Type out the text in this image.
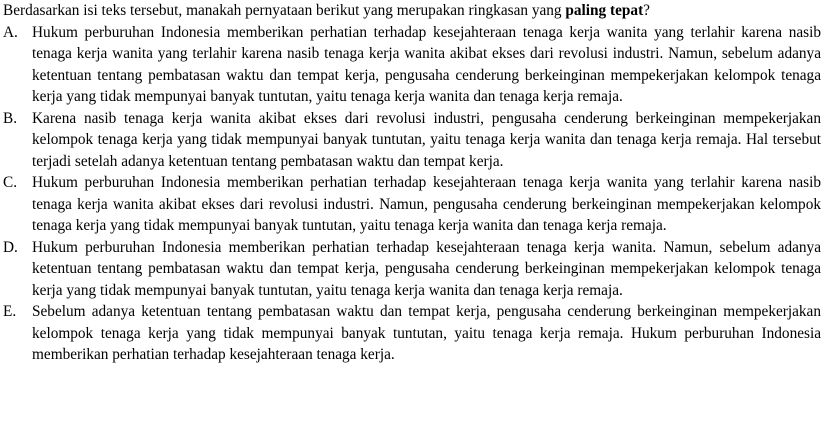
Berdasarkan isi teks tersebut, manakah pernyataan berikut yang merupakan ringkasan yang paling tepat?
A. Hukum perburuhan Indonesia memberikan perhatian terhadap kesejahteraan tenaga kerja wanita yang terlahir karena nasib tenaga kerja wanita yang terlahir karena nasib tenaga kerja wanita akibat ekses dari revolusi industri. Namun, sebelum adanya ketentuan tentang pembatasan waktu dan tempat kerja, pengusaha cenderung berkeinginan mempekerjakan kelompok tenaga kerja yang tidak mempunyai banyak tuntutan, yaitu tenaga kerja wanita dan tenaga kerja remaja.
B. Karena nasib tenaga kerja wanita akibat ekses dari revolusi industri, pengusaha cenderung berkeinginan mempekerjakan kelompok tenaga kerja yang tidak mempunyai banyak tuntutan, yaitu tenaga kerja wanita dan tenaga kerja remaja. Hal tersebut terjadi setelah adanya ketentuan tentang pembatasan waktu dan tempat kerja.
C. Hukum perburuhan Indonesia memberikan perhatian terhadap kesejahteraan tenaga kerja wanita yang terlahir karena nasib tenaga kerja wanita akibat ekses dari revolusi industri. Namun, pengusaha cenderung berkeinginan mempekerjakan kelompok tenaga kerja yang tidak mempunyai banyak tuntutan, yaitu tenaga kerja wanita dan tenaga kerja remaja.
D. Hukum perburuhan Indonesia memberikan perhatian terhadap kesejahteraan tenaga kerja wanita. Namun, sebelum adanya ketentuan tentang pembatasan waktu dan tempat kerja, pengusaha cenderung berkeinginan mempekerjakan kelompok tenaga kerja yang tidak mempunyai banyak tuntutan, yaitu tenaga kerja wanita dan tenaga kerja remaja.
E.	Sebelum adanya ketentuan tentang pembatasan waktu dan tempat kerja, pengusaha cenderung berkeinginan mempekerjakan kelompok tenaga kerja yang tidak mempunyai banyak tuntutan, yaitu tenaga kerja remaja. Hukum perburuhan Indonesia memberikan perhatian terhadap kesejahteraan tenaga kerja.
